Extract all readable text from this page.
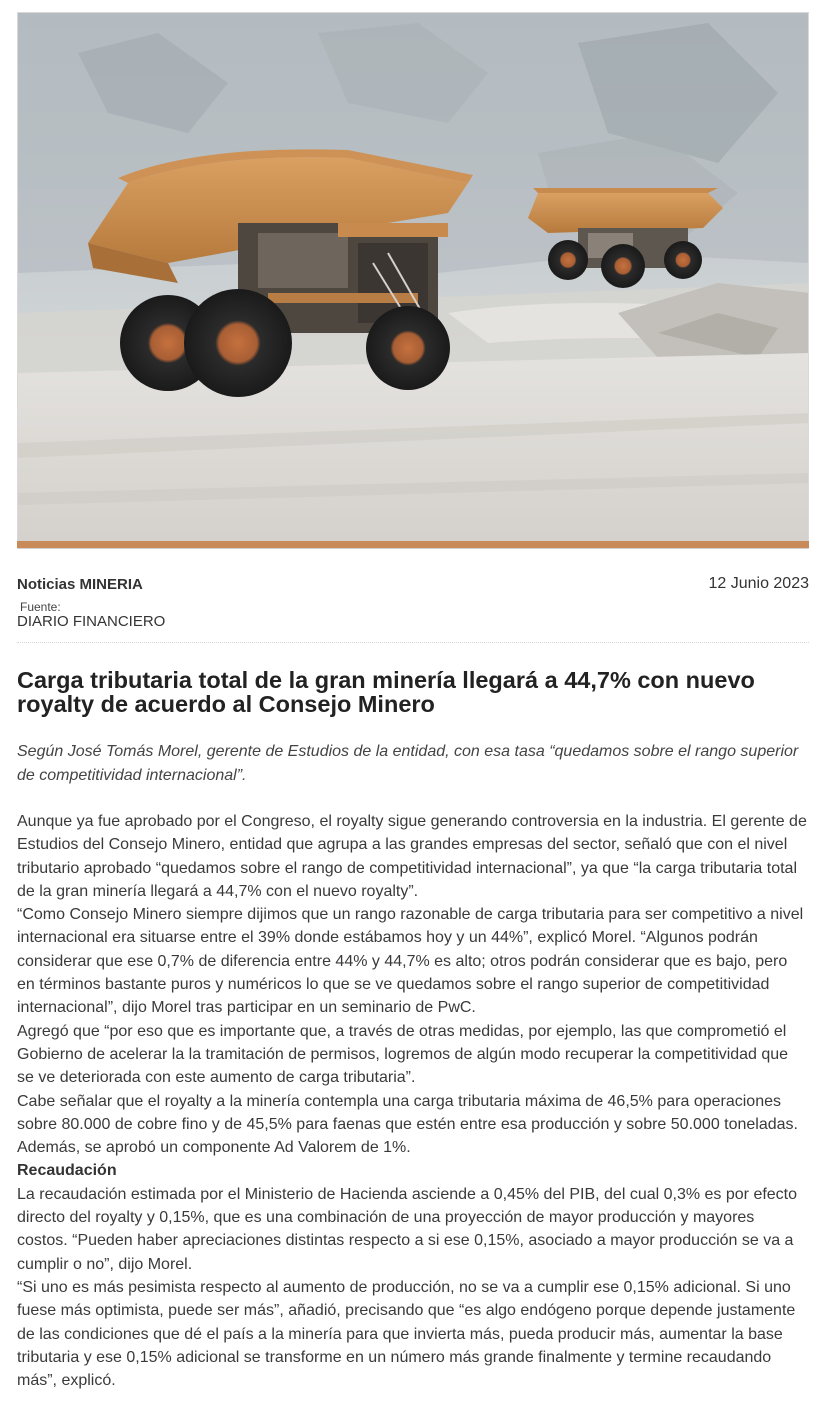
Noticias MINERIA	12 Junio 2023
Fuente:
DIARIO FINANCIERO
Carga tributaria total de la gran minería llegará a 44,7% con nuevo royalty de acuerdo al Consejo Minero

Según José Tomás Morel, gerente de Estudios de la entidad, con esa tasa “quedamos sobre el rango superior de competitividad internacional”.

Aunque ya fue aprobado por el Congreso, el royalty sigue generando controversia en la industria. El gerente de Estudios del Consejo Minero, entidad que agrupa a las grandes empresas del sector, señaló que con el nivel tributario aprobado “quedamos sobre el rango de competitividad internacional”, ya que “la carga tributaria total de la gran minería llegará a 44,7% con el nuevo royalty”.

“Como Consejo Minero siempre dijimos que un rango razonable de carga tributaria para ser competitivo a nivel internacional era situarse entre el 39% donde estábamos hoy y un 44%”, explicó Morel. “Algunos podrán considerar que ese 0,7% de diferencia entre 44% y 44,7% es alto; otros podrán considerar que es bajo, pero en términos bastante puros y numéricos lo que se ve quedamos sobre el rango superior de competitividad internacional”, dijo Morel tras participar en un seminario de PwC.

Agregó que “por eso que es importante que, a través de otras medidas, por ejemplo, las que comprometió el Gobierno de acelerar la la tramitación de permisos, logremos de algún modo recuperar la competitividad que se ve deteriorada con este aumento de carga tributaria”.

Cabe señalar que el royalty a la minería contempla una carga tributaria máxima de 46,5% para operaciones sobre 80.000 de cobre fino y de 45,5% para faenas que estén entre esa producción y sobre 50.000 toneladas. Además, se aprobó un componente Ad Valorem de 1%.

Recaudación

La recaudación estimada por el Ministerio de Hacienda asciende a 0,45% del PIB, del cual 0,3% es por efecto directo del royalty y 0,15%, que es una combinación de una proyección de mayor producción y mayores costos. “Pueden haber apreciaciones distintas respecto a si ese 0,15%, asociado a mayor producción se va a cumplir o no”, dijo Morel.

“Si uno es más pesimista respecto al aumento de producción, no se va a cumplir ese 0,15% adicional. Si uno fuese más optimista, puede ser más”, añadió, precisando que “es algo endógeno porque depende justamente de las condiciones que dé el país a la minería para que invierta más, pueda producir más, aumentar la base tributaria y ese 0,15% adicional se transforme en un número más grande finalmente y termine recaudando más”, explicó.
